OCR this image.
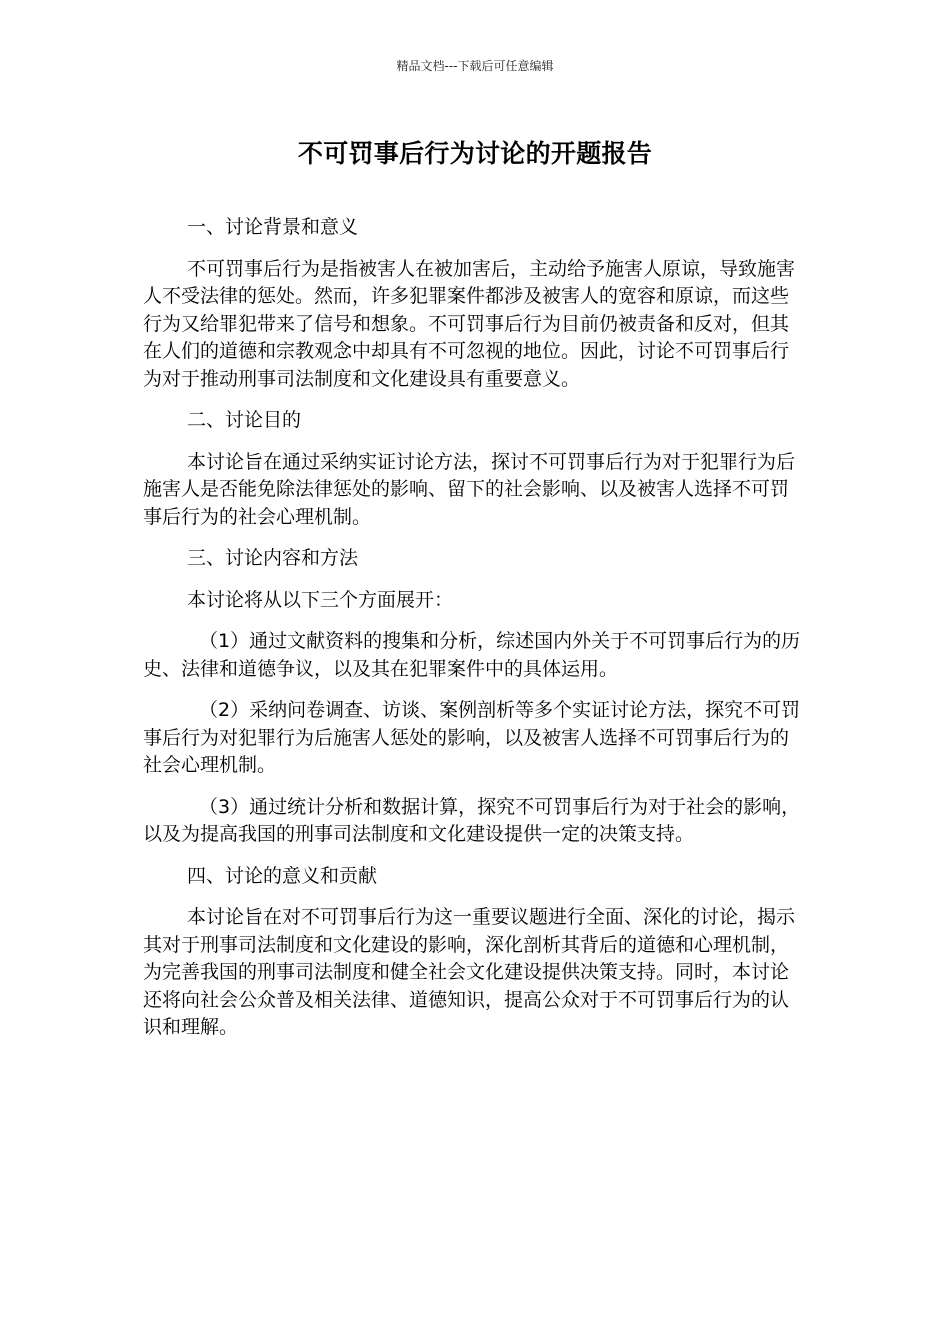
精品文档---下载后可任意编辑
不可罚事后行为讨论的开题报告

一、讨论背景和意义

不可罚事后行为是指被害人在被加害后，主动给予施害人原谅，导致施害人不受法律的惩处。然而，许多犯罪案件都涉及被害人的宽容和原谅，而这些行为又给罪犯带来了信号和想象。不可罚事后行为目前仍被责备和反对，但其在人们的道德和宗教观念中却具有不可忽视的地位。因此，讨论不可罚事后行为对于推动刑事司法制度和文化建设具有重要意义。

二、讨论目的

本讨论旨在通过采纳实证讨论方法，探讨不可罚事后行为对于犯罪行为后施害人是否能免除法律惩处的影响、留下的社会影响、以及被害人选择不可罚事后行为的社会心理机制。

三、讨论内容和方法

本讨论将从以下三个方面展开：

（1）通过文献资料的搜集和分析，综述国内外关于不可罚事后行为的历史、法律和道德争议，以及其在犯罪案件中的具体运用。

（2）采纳问卷调查、访谈、案例剖析等多个实证讨论方法，探究不可罚事后行为对犯罪行为后施害人惩处的影响，以及被害人选择不可罚事后行为的社会心理机制。

（3）通过统计分析和数据计算，探究不可罚事后行为对于社会的影响，以及为提高我国的刑事司法制度和文化建设提供一定的决策支持。

四、讨论的意义和贡献

本讨论旨在对不可罚事后行为这一重要议题进行全面、深化的讨论，揭示其对于刑事司法制度和文化建设的影响，深化剖析其背后的道德和心理机制，为完善我国的刑事司法制度和健全社会文化建设提供决策支持。同时，本讨论还将向社会公众普及相关法律、道德知识，提高公众对于不可罚事后行为的认识和理解。
